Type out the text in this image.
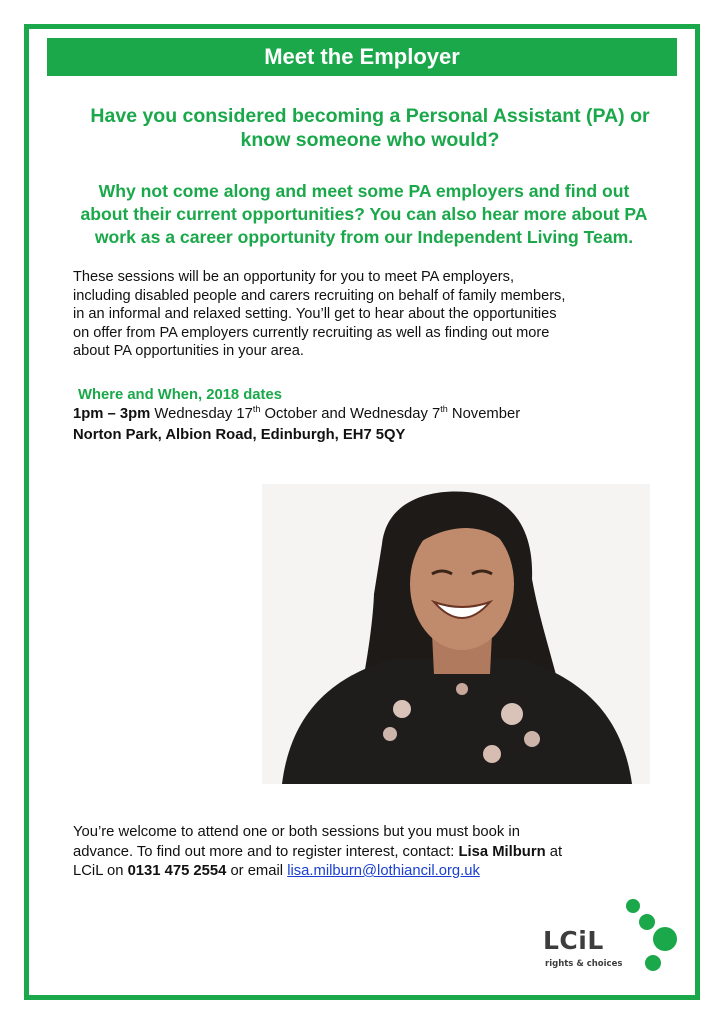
Meet the Employer
Have you considered becoming a Personal Assistant (PA) or
know someone who would?
Why not come along and meet some PA employers and find out
about their current opportunities? You can also hear more about PA
work as a career opportunity from our Independent Living Team.
These sessions will be an opportunity for you to meet PA employers,
including disabled people and carers recruiting on behalf of family members,
in an informal and relaxed setting. You’ll get to hear about the opportunities
on offer from PA employers currently recruiting as well as finding out more
about PA opportunities in your area.
Where and When, 2018 dates
1pm – 3pm Wednesday 17th October and Wednesday 7th November
Norton Park, Albion Road, Edinburgh, EH7 5QY
You’re welcome to attend one or both sessions but you must book in
advance. To find out more and to register interest, contact: Lisa Milburn at
LCiL on 0131 475 2554 or email lisa.milburn@lothiancil.org.uk
LCiL
rights & choices
